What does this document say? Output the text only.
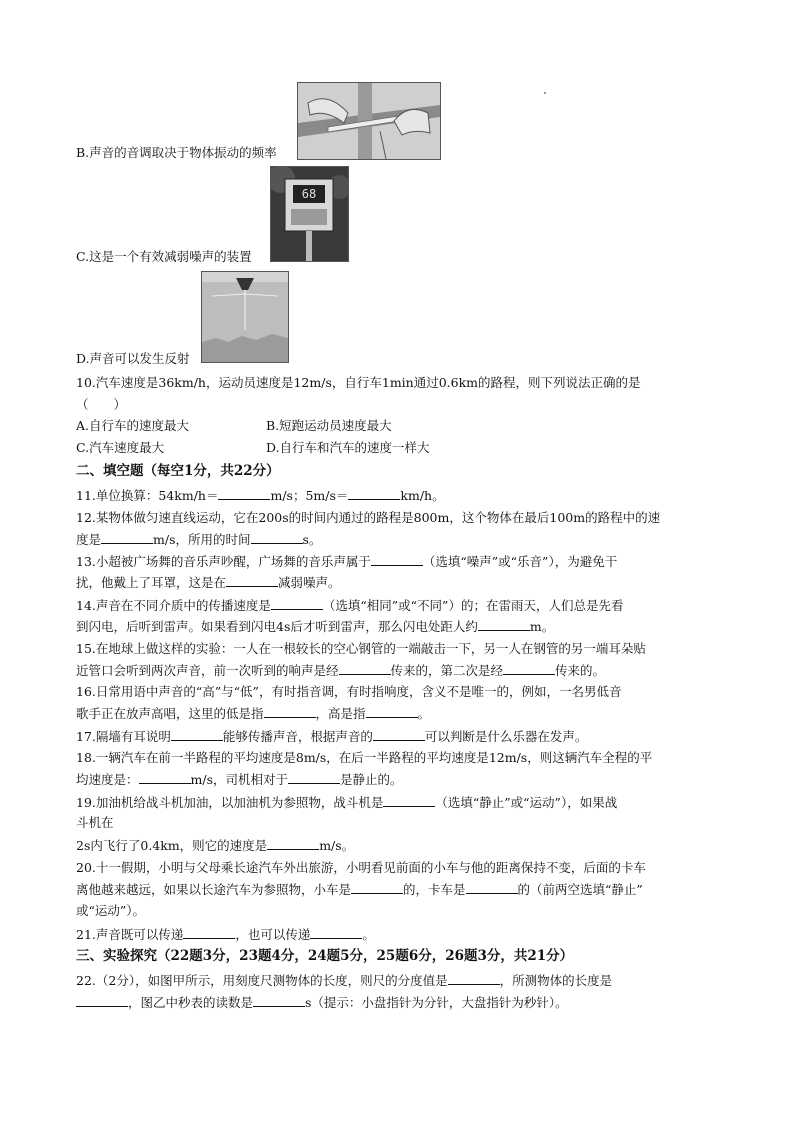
B.声音的音调取决于物体振动的频率
68
C.这是一个有效减弱噪声的装置
D.声音可以发生反射
10.汽车速度是36km/h，运动员速度是12m/s，自行车1min通过0.6km的路程，则下列说法正确的是
（　　）
A.自行车的速度最大	B.短跑运动员速度最大
C.汽车速度最大	D.自行车和汽车的速度一样大
二、填空题（每空1分，共22分）
11.单位换算：54km/h＝	m/s；5m/s＝	km/h。
12.某物体做匀速直线运动，它在200s的时间内通过的路程是800m，这个物体在最后100m的路程中的速
度是	m/s，所用的时间	s。
13.小超被广场舞的音乐声吵醒，广场舞的音乐声属于	（选填“噪声”或“乐音”），为避免干
扰，他戴上了耳罩，这是在	减弱噪声。
14.声音在不同介质中的传播速度是	（选填“相同”或“不同”）的；在雷雨天，人们总是先看
到闪电，后听到雷声。如果看到闪电4s后才听到雷声，那么闪电处距人约	m。
15.在地球上做这样的实验：一人在一根较长的空心钢管的一端敲击一下，另一人在钢管的另一端耳朵贴
近管口会听到两次声音，前一次听到的响声是经	传来的，第二次是经	传来的。
16.日常用语中声音的“高”与“低”，有时指音调，有时指响度，含义不是唯一的，例如，一名男低音
歌手正在放声高唱，这里的低是指	，高是指	。
17.隔墙有耳说明	能够传播声音，根据声音的	可以判断是什么乐器在发声。
18.一辆汽车在前一半路程的平均速度是8m/s，在后一半路程的平均速度是12m/s，则这辆汽车全程的平
均速度是：	m/s，司机相对于	是静止的。
19.加油机给战斗机加油，以加油机为参照物，战斗机是	（选填“静止”或“运动”），如果战
斗机在
2s内飞行了0.4km，则它的速度是	m/s。
20.十一假期，小明与父母乘长途汽车外出旅游，小明看见前面的小车与他的距离保持不变，后面的卡车
离他越来越远，如果以长途汽车为参照物，小车是	的，卡车是	的（前两空选填“静止”
或“运动”）。
21.声音既可以传递	，也可以传递	。
三、实验探究（22题3分，23题4分，24题5分，25题6分，26题3分，共21分）
22.（2分），如图甲所示，用刻度尺测物体的长度，则尺的分度值是	，所测物体的长度是
，图乙中秒表的读数是	s（提示：小盘指针为分针，大盘指针为秒针）。
